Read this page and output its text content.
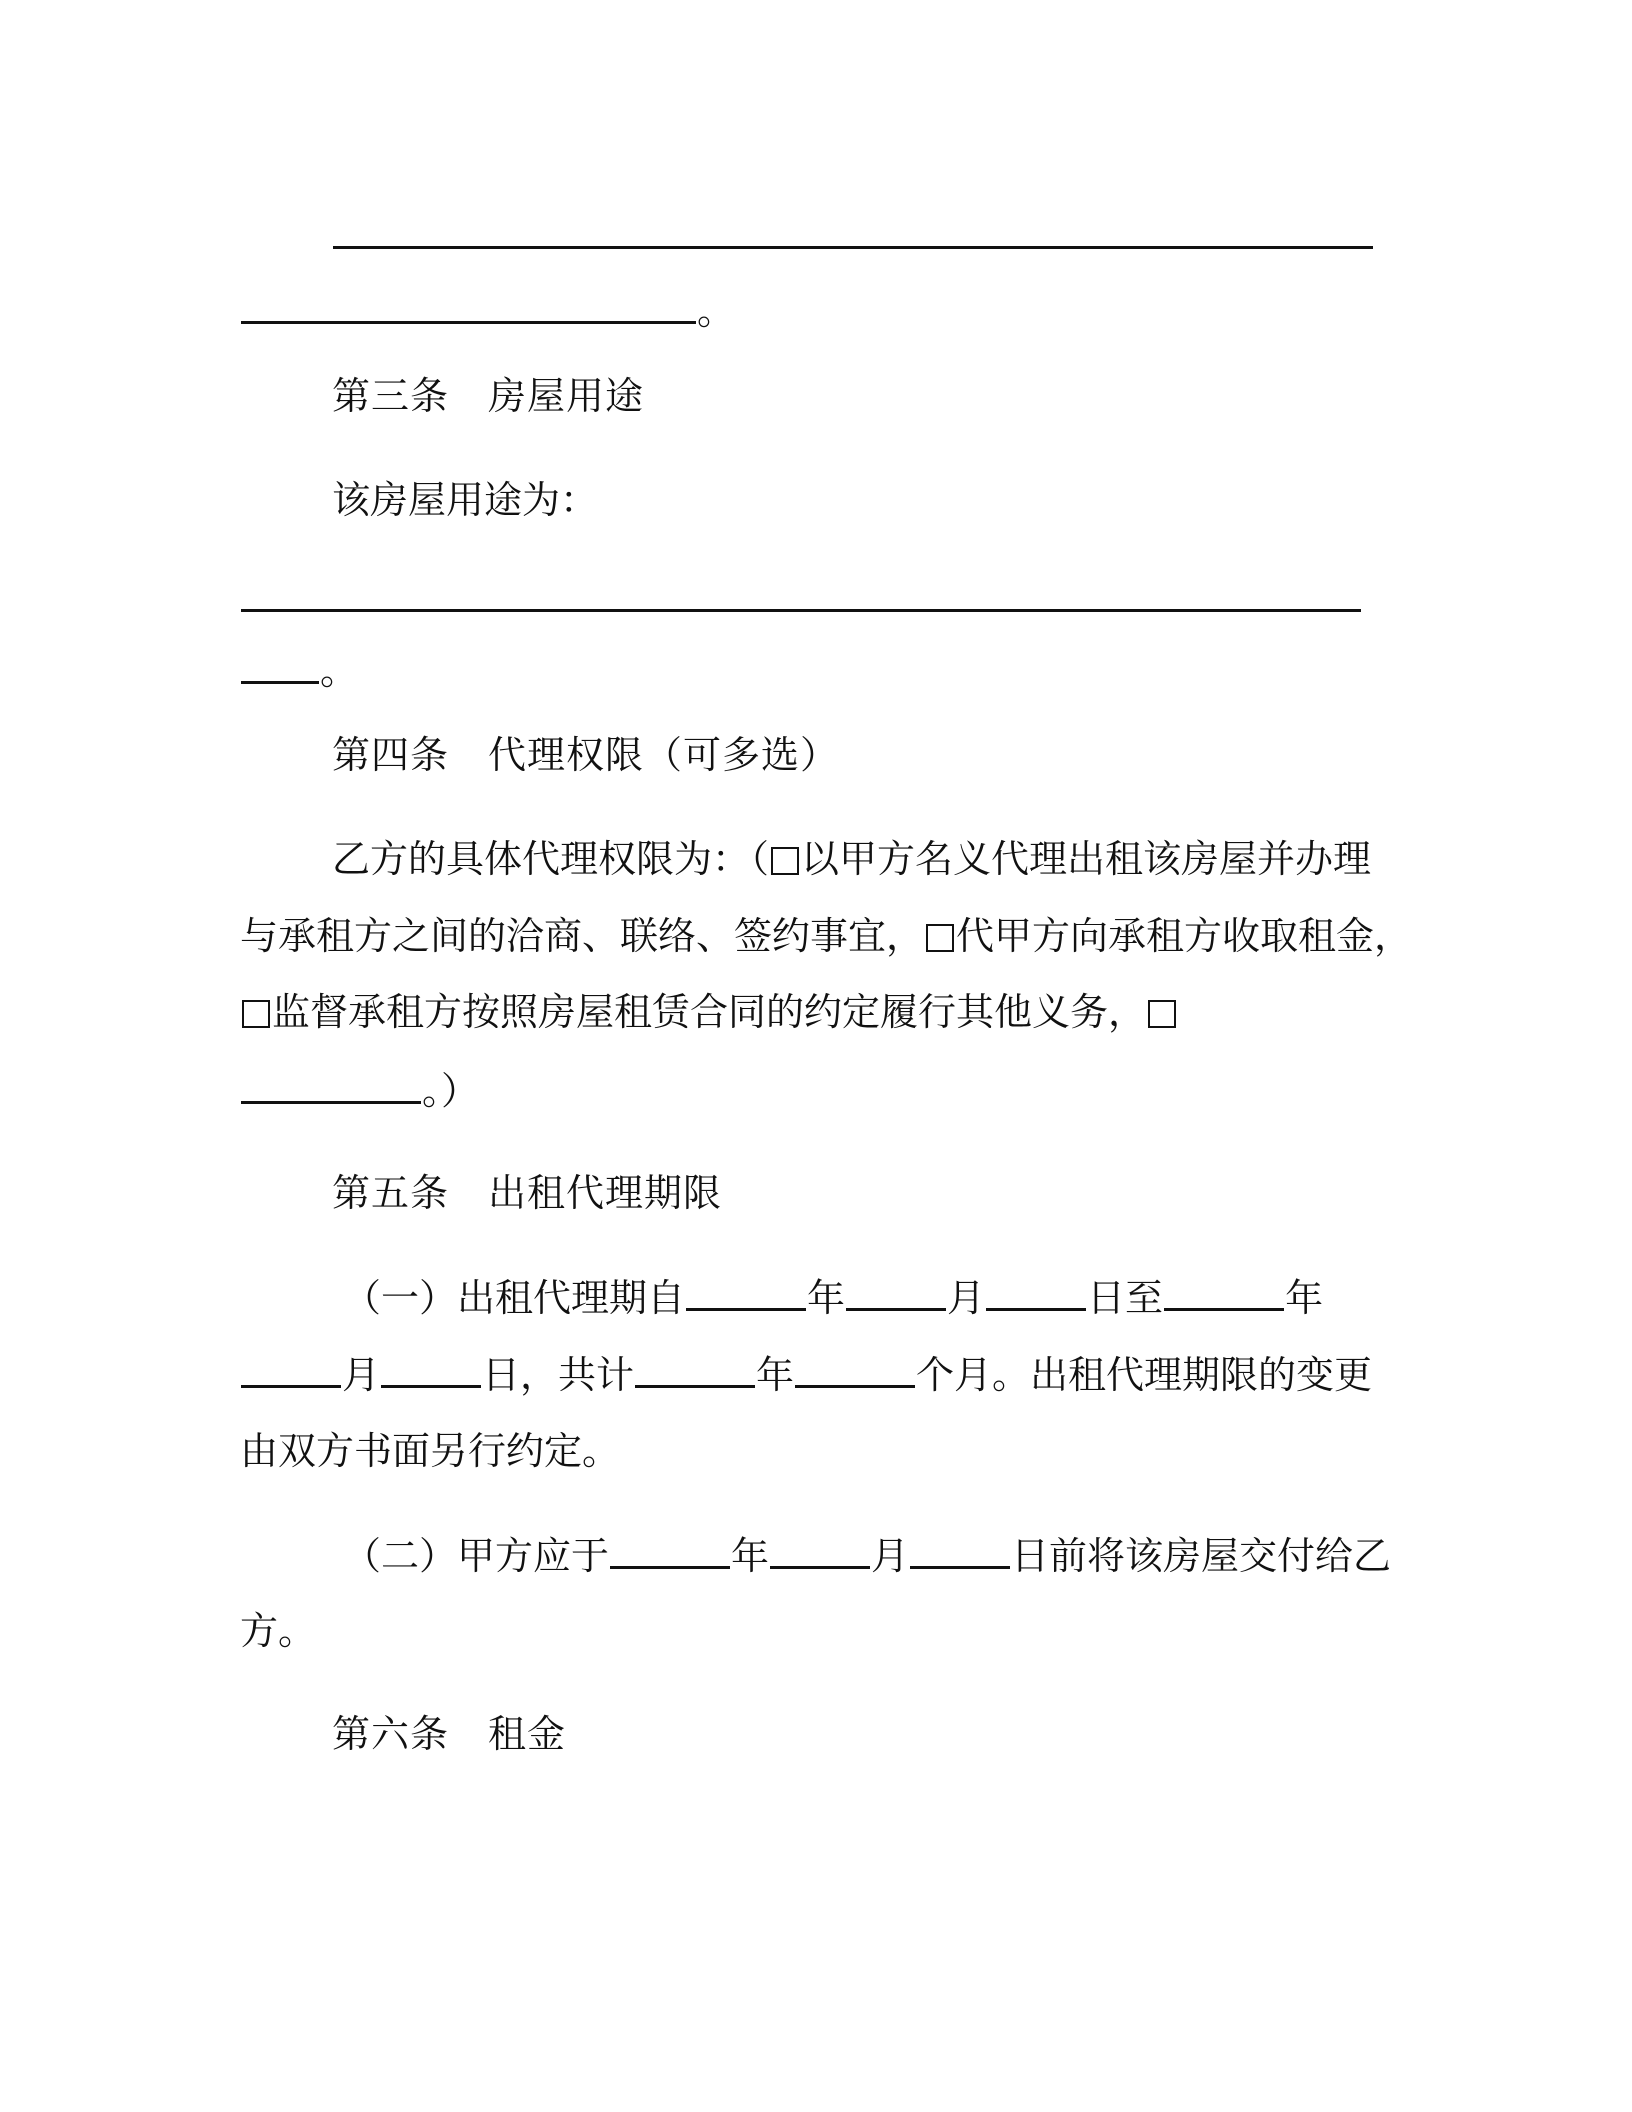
。
第三条　房屋用途
该房屋用途为：
。
第四条　代理权限（可多选）
乙方的具体代理权限为：（ 以甲方名义代理出租该房屋并办理
与承租方之间的洽商、联络、签约事宜， 代甲方向承租方收取租金，
监督承租方按照房屋租赁合同的约定履行其他义务，
。）
第五条　出租代理期限
（一）出租代理期自	年	月	日至	年
月	日，共计	年	个月。出租代理期限的变更
由双方书面另行约定。
（二）甲方应于	年	月	日前将该房屋交付给乙
方。
第六条　租金
